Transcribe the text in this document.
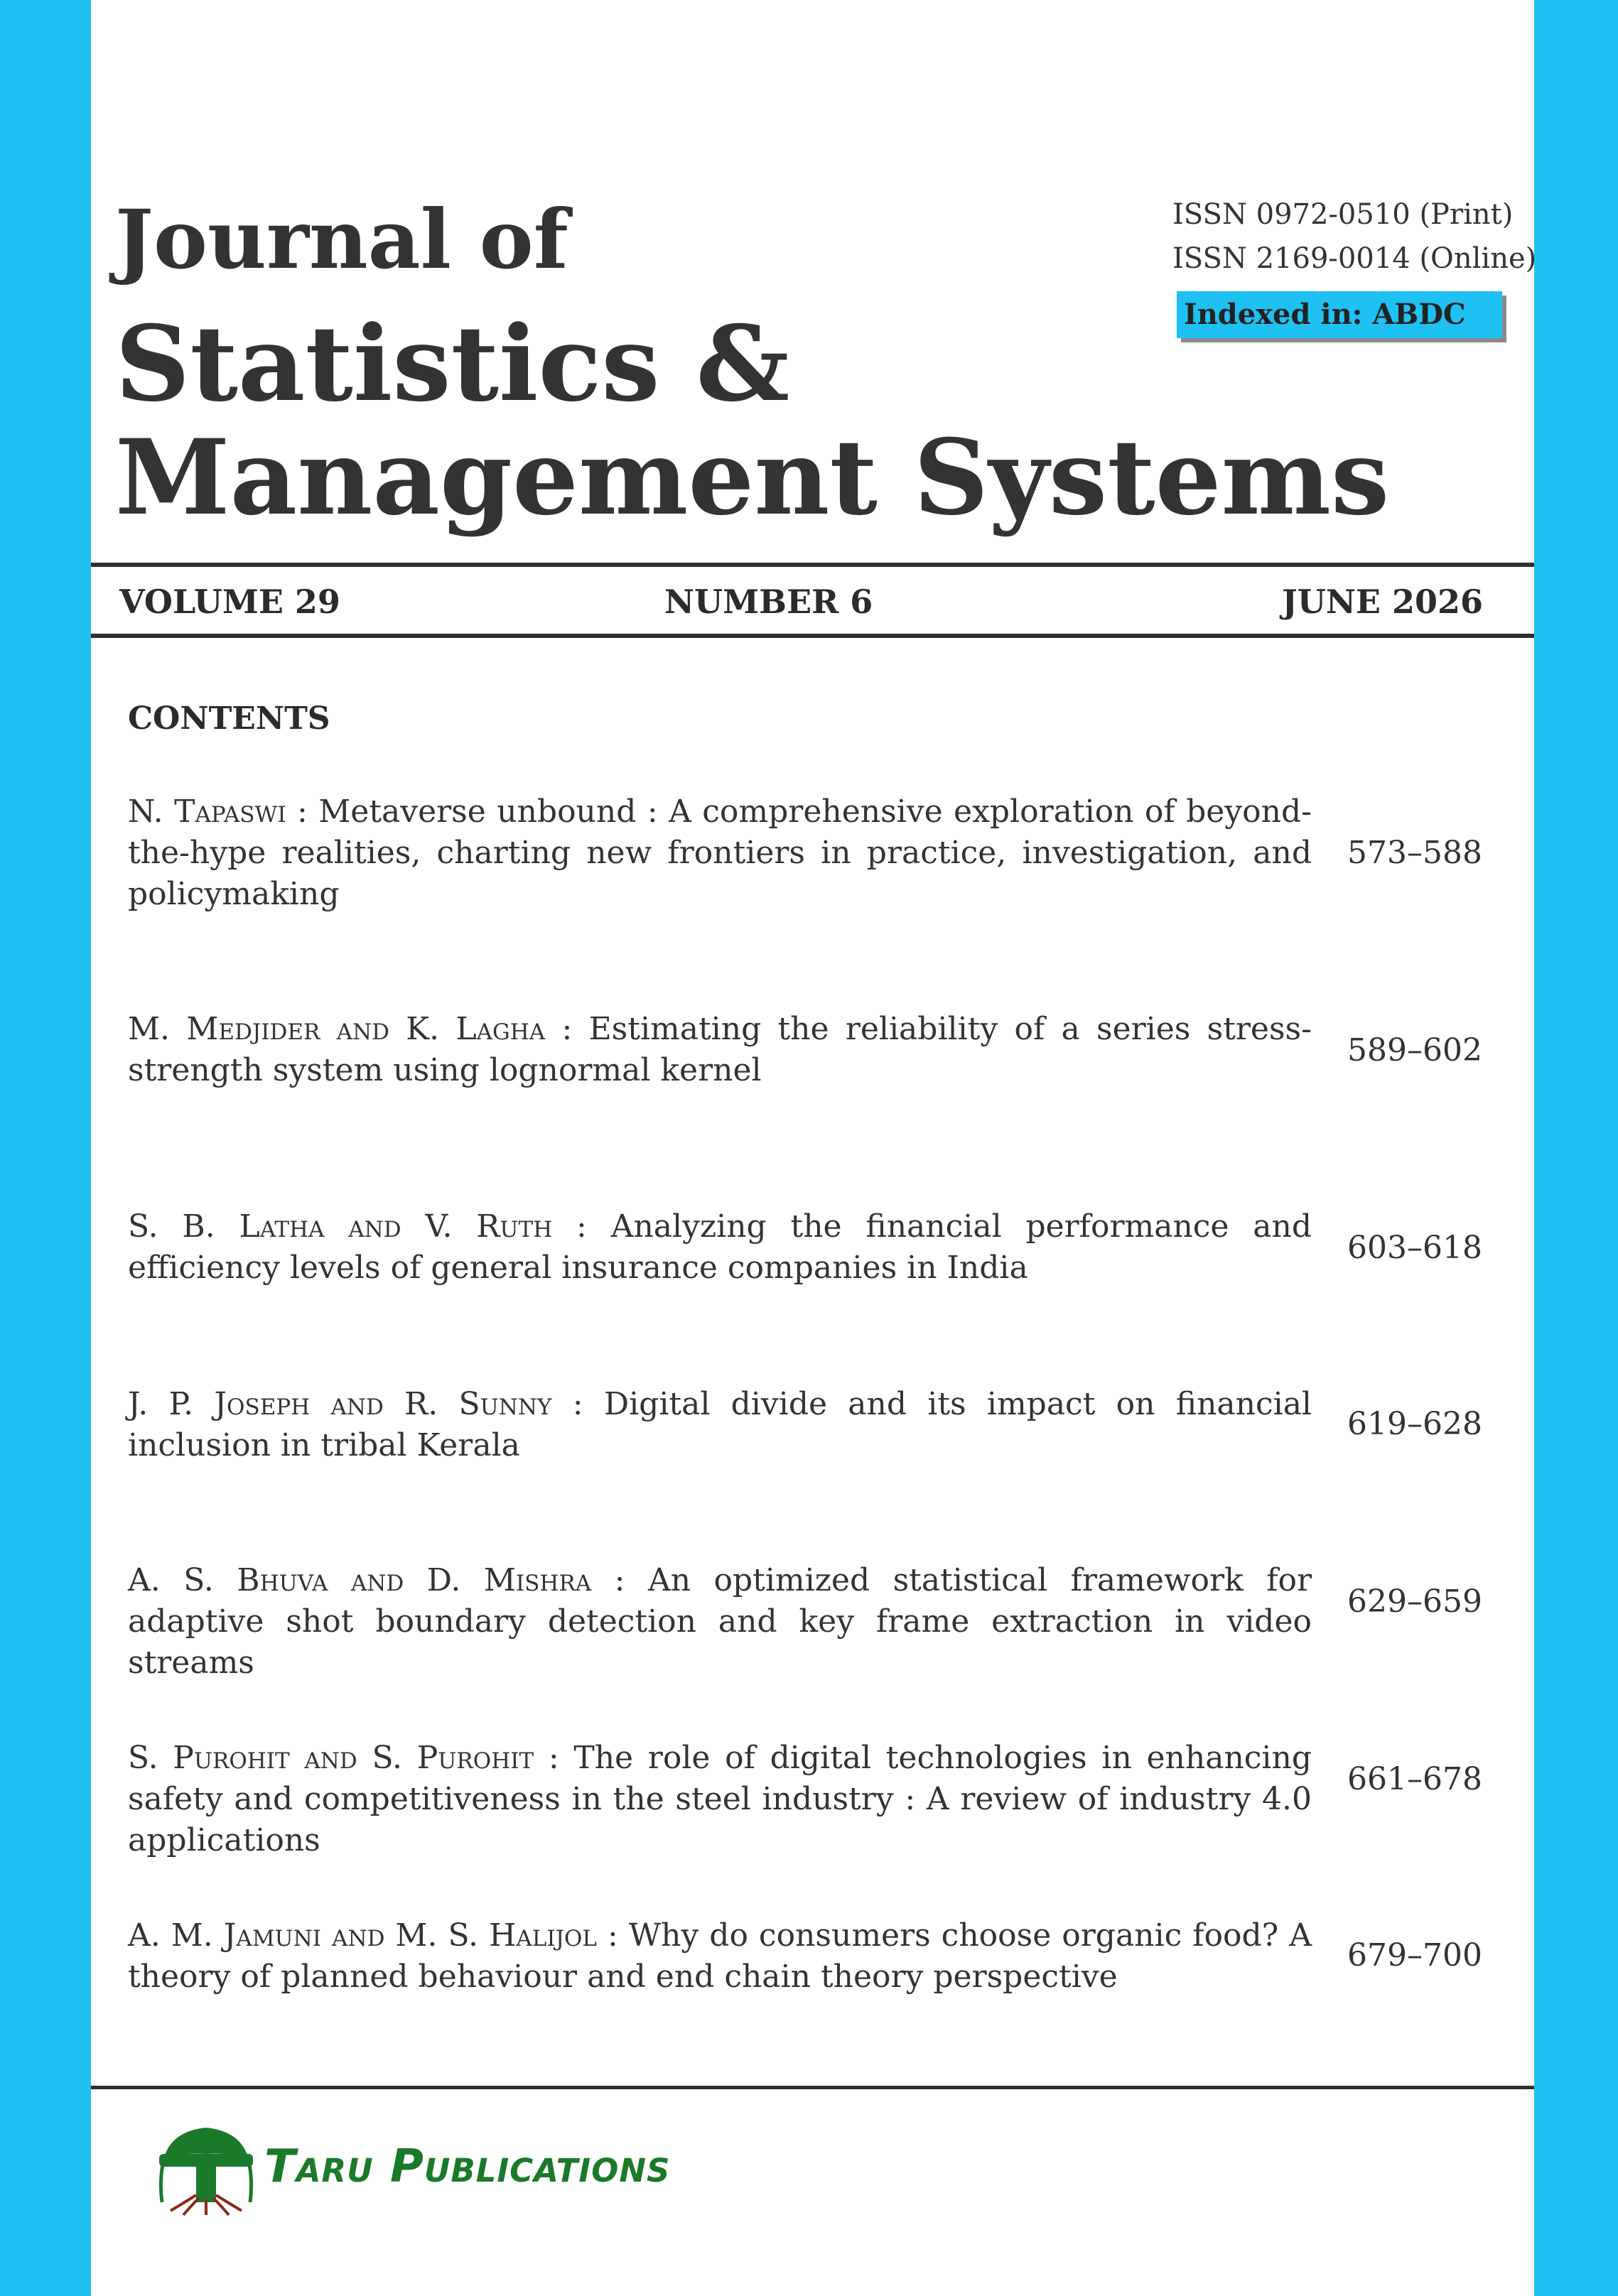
Journal of
Statistics &
Management Systems
ISSN 0972-0510 (Print)
ISSN 2169-0014 (Online)
Indexed in: ABDC
VOLUME 29	NUMBER 6	JUNE 2026
CONTENTS

N. Tapaswi : Metaverse unbound : A comprehensive exploration of beyond-the-hype realities, charting new frontiers in practice, investigation, and policymaking

573–588

M. Medjider and K. Lagha : Estimating the reliability of a series stress-strength system using lognormal kernel

589–602

S. B. Latha and V. Ruth : Analyzing the financial performance and efficiency levels of general insurance companies in India

603–618

J. P. Joseph and R. Sunny : Digital divide and its impact on financial inclusion in tribal Kerala

619–628

A. S. Bhuva and D. Mishra : An optimized statistical framework for adaptive shot boundary detection and key frame extraction in video streams

629–659

S. Purohit and S. Purohit : The role of digital technologies in enhancing safety and competitiveness in the steel industry : A review of industry 4.0 applications

661–678

A. M. Jamuni and M. S. Halijol : Why do consumers choose organic food? A theory of planned behaviour and end chain theory perspective

679–700
Taru Publications
